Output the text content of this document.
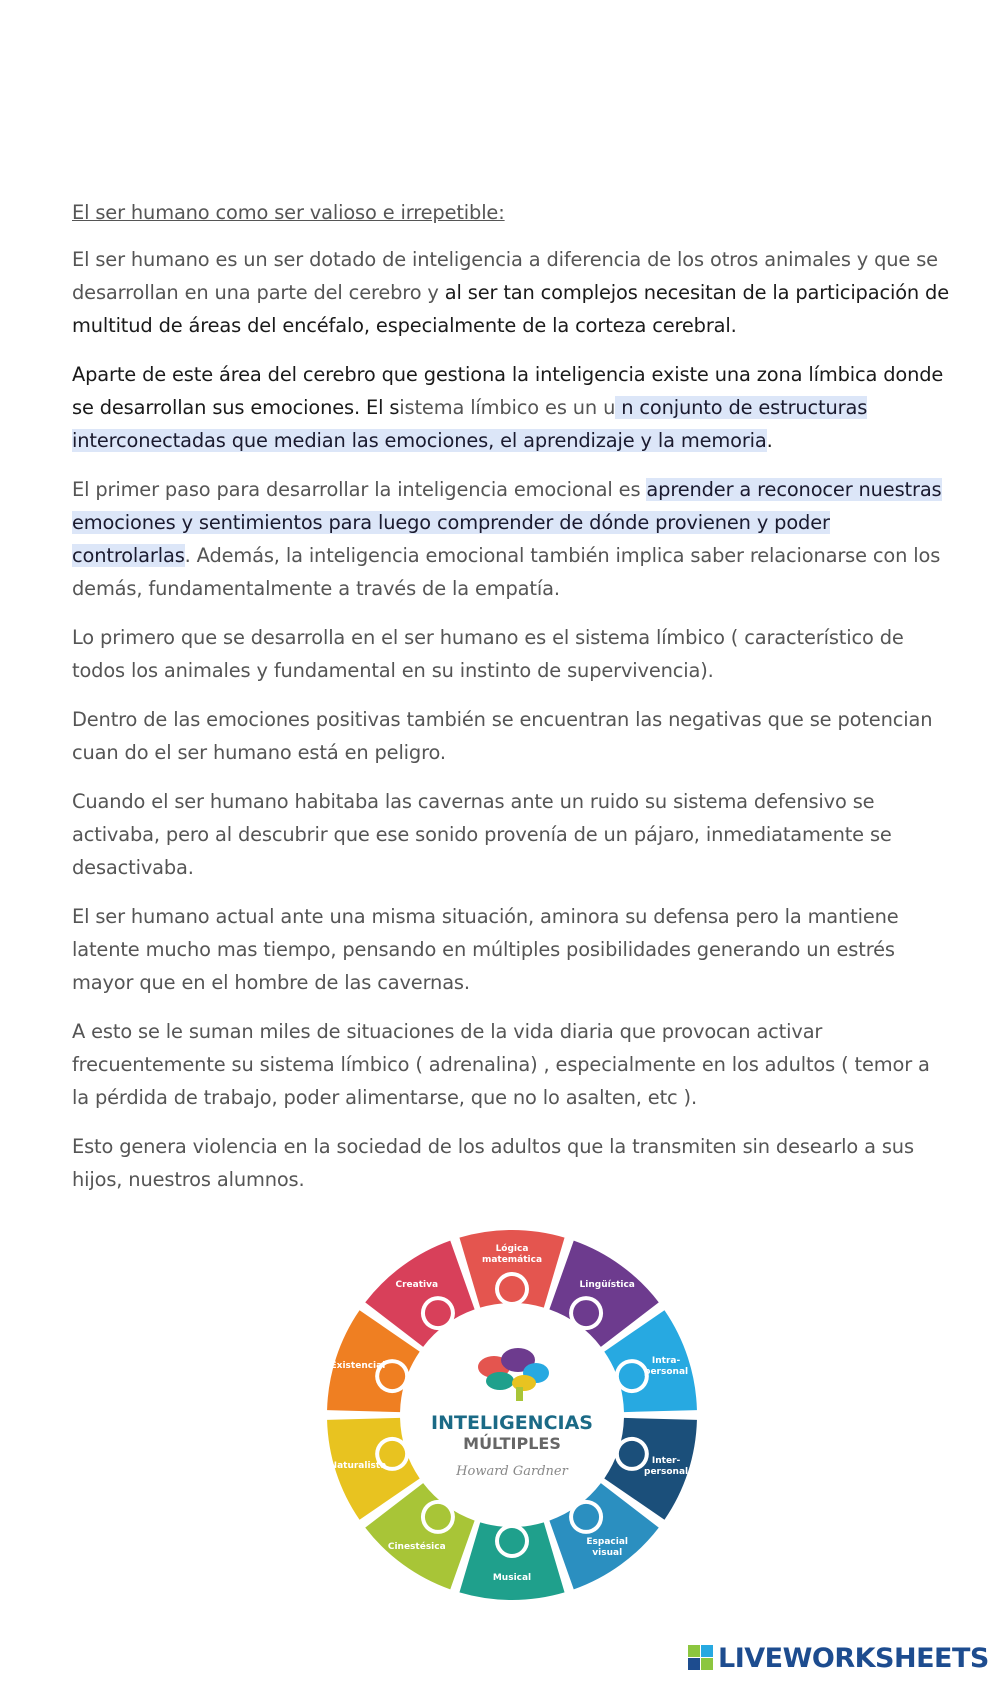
El ser humano como ser valioso e irrepetible:

El ser humano es un ser dotado de inteligencia a diferencia de los otros animales y que se desarrollan en una parte del cerebro y al ser tan complejos necesitan de la participación de multitud de áreas del encéfalo, especialmente de la corteza cerebral.

Aparte de este área del cerebro que gestiona la inteligencia existe una zona límbica donde se desarrollan sus emociones. El sistema límbico es un u n conjunto de estructuras interconectadas que median las emociones, el aprendizaje y la memoria.

El primer paso para desarrollar la inteligencia emocional es aprender a reconocer nuestras emociones y sentimientos para luego comprender de dónde provienen y poder controlarlas. Además, la inteligencia emocional también implica saber relacionarse con los demás, fundamentalmente a través de la empatía.

Lo primero que se desarrolla en el ser humano es el sistema límbico ( característico de todos los animales y fundamental en su instinto de supervivencia).

Dentro de las emociones positivas también se encuentran las negativas que se potencian cuan do el ser humano está en peligro.

Cuando el ser humano habitaba las cavernas ante un ruido su sistema defensivo se activaba, pero al descubrir que ese sonido provenía de un pájaro, inmediatamente se desactivaba.

El ser humano actual ante una misma situación, aminora su defensa pero la mantiene latente mucho mas tiempo, pensando en múltiples posibilidades generando un estrés mayor que en el hombre de las cavernas.

A esto se le suman miles de situaciones de la vida diaria que provocan activar frecuentemente su sistema límbico ( adrenalina) , especialmente en los adultos ( temor a la pérdida de trabajo, poder alimentarse, que no lo asalten, etc ).

Esto genera violencia en la sociedad de los adultos que la transmiten sin desearlo a sus hijos, nuestros alumnos.

Lógica
matemática
Lingüística
Intra-
personal
Inter-
personal
Espacial
visual
Musical
Cinestésica
Naturalista
Existencial
Creativa
INTELIGENCIAS
MÚLTIPLES
Howard Gardner
LIVEWORKSHEETS
